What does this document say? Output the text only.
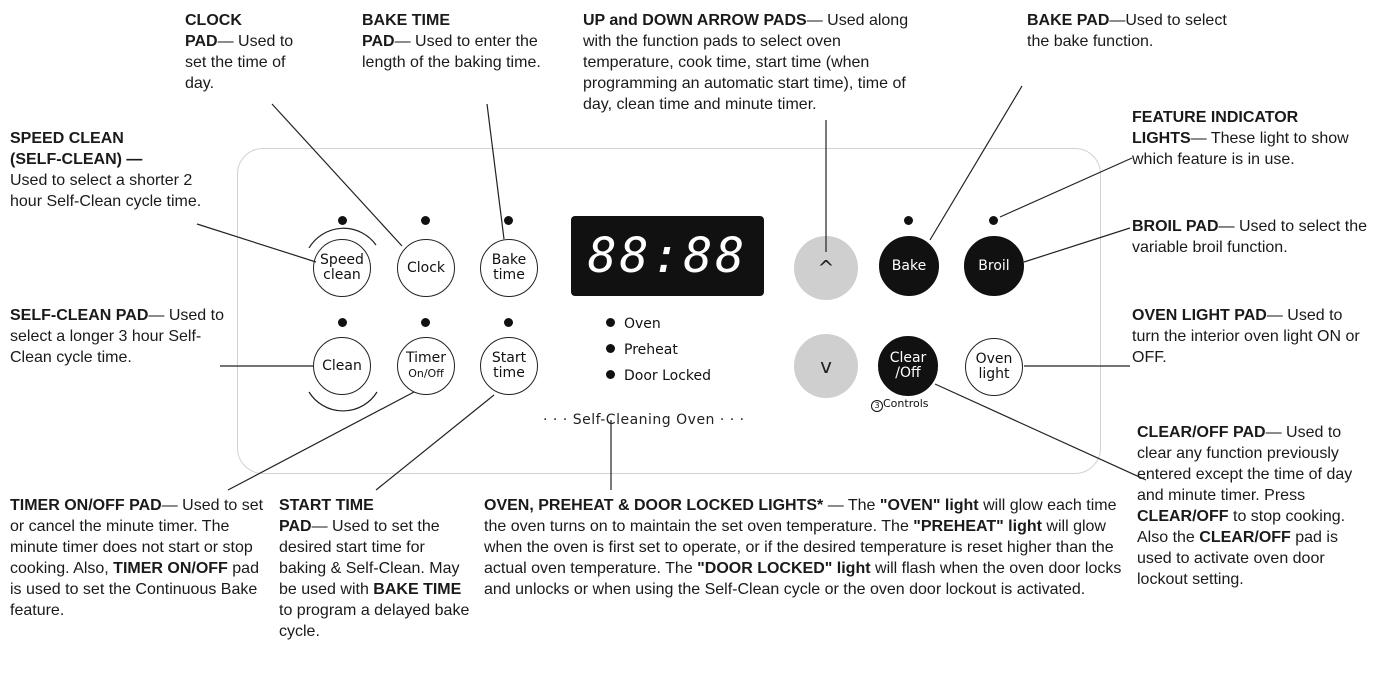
CLOCK
PAD— Used to set the time of day.
BAKE TIME
PAD— Used to enter the length of the baking time.
UP and DOWN ARROW PADS— Used along with the function pads to select oven temperature, cook time, start time (when programming an automatic start time), time of day, clean time and minute timer.
BAKE PAD—Used to select the bake function.
FEATURE INDICATOR
LIGHTS— These light to show which feature is in use.
SPEED CLEAN
(SELF-CLEAN) —
Used to select a shorter 2 hour Self-Clean cycle time.
BROIL PAD— Used to select the variable broil function.
SELF-CLEAN PAD— Used to select a longer 3 hour Self-Clean cycle time.
OVEN LIGHT PAD— Used to turn the interior oven light ON or OFF.
CLEAR/OFF PAD— Used to clear any function previously entered except the time of day and minute timer. Press CLEAR/OFF to stop cooking. Also the CLEAR/OFF pad is used to activate oven door lockout setting.
TIMER ON/OFF PAD— Used to set or cancel the minute timer. The minute timer does not start or stop cooking. Also, TIMER ON/OFF pad is used to set the Continuous Bake feature.
START TIME
PAD— Used to set the desired start time for baking & Self-Clean. May be used with BAKE TIME to program a delayed bake cycle.
OVEN, PREHEAT & DOOR LOCKED LIGHTS* — The "OVEN" light will glow each time the oven turns on to maintain the set oven temperature. The "PREHEAT" light will glow when the oven is first set to operate, or if the desired temperature is reset higher than the actual oven temperature. The "DOOR LOCKED" light will flash when the oven door locks and unlocks or when using the Self-Clean cycle or the oven door lockout is activated.
Speed
clean	Clock	Bake
time	88:88	^
v
Bake	Broil
Clean	Timer
On/Off
Start
time
Oven
Preheat
Door Locked
Clear
/Off
Oven
light
3 Controls
· · · Self-Cleaning Oven · · ·
